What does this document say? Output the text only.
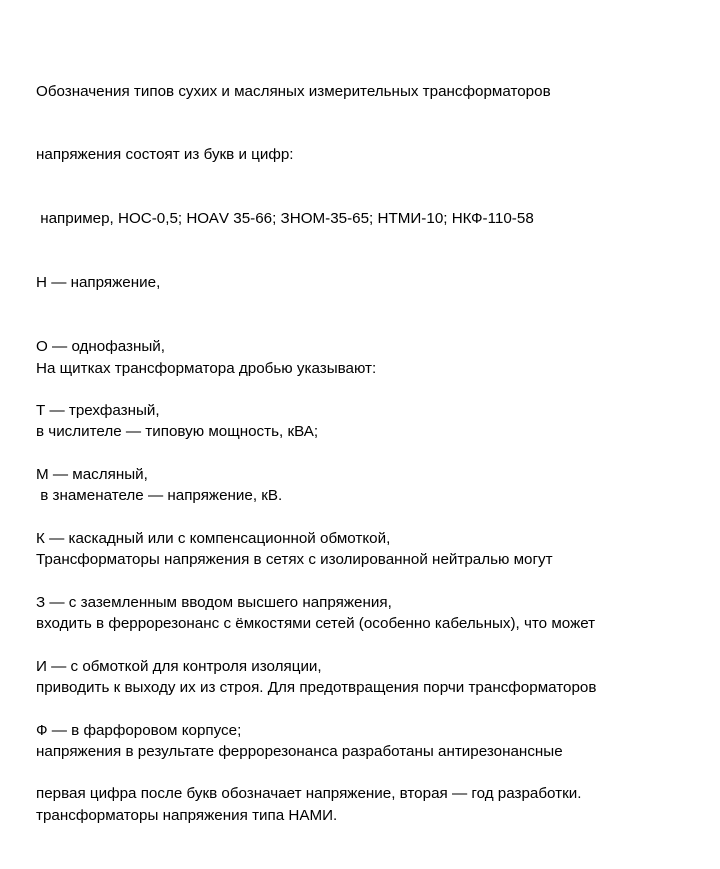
Обозначения типов сухих и масляных измерительных трансформаторов

напряжения состоят из букв и цифр:

например, НОС-0,5; НОАV 35-66; ЗНОМ-35-65; НТМИ-10; НКФ-110-58

Н — напряжение,

О — однофазный,

Т — трехфазный,

М — масляный,

К — каскадный или с компенсационной обмоткой,

З — с заземленным вводом высшего напряжения,

И — с обмоткой для контроля изоляции,

Ф — в фарфоровом корпусе;

первая цифра после букв обозначает напряжение, вторая — год разработки.

На щитках трансформатора дробью указывают:

в числителе — типовую мощность, кВА;

в знаменателе — напряжение, кВ.

Трансформаторы напряжения в сетях с изолированной нейтралью могут

входить в феррорезонанс с ёмкостями сетей (особенно кабельных), что может

приводить к выходу их из строя. Для предотвращения порчи трансформаторов

напряжения в результате феррорезонанса разработаны антирезонансные

трансформаторы напряжения типа НАМИ.
